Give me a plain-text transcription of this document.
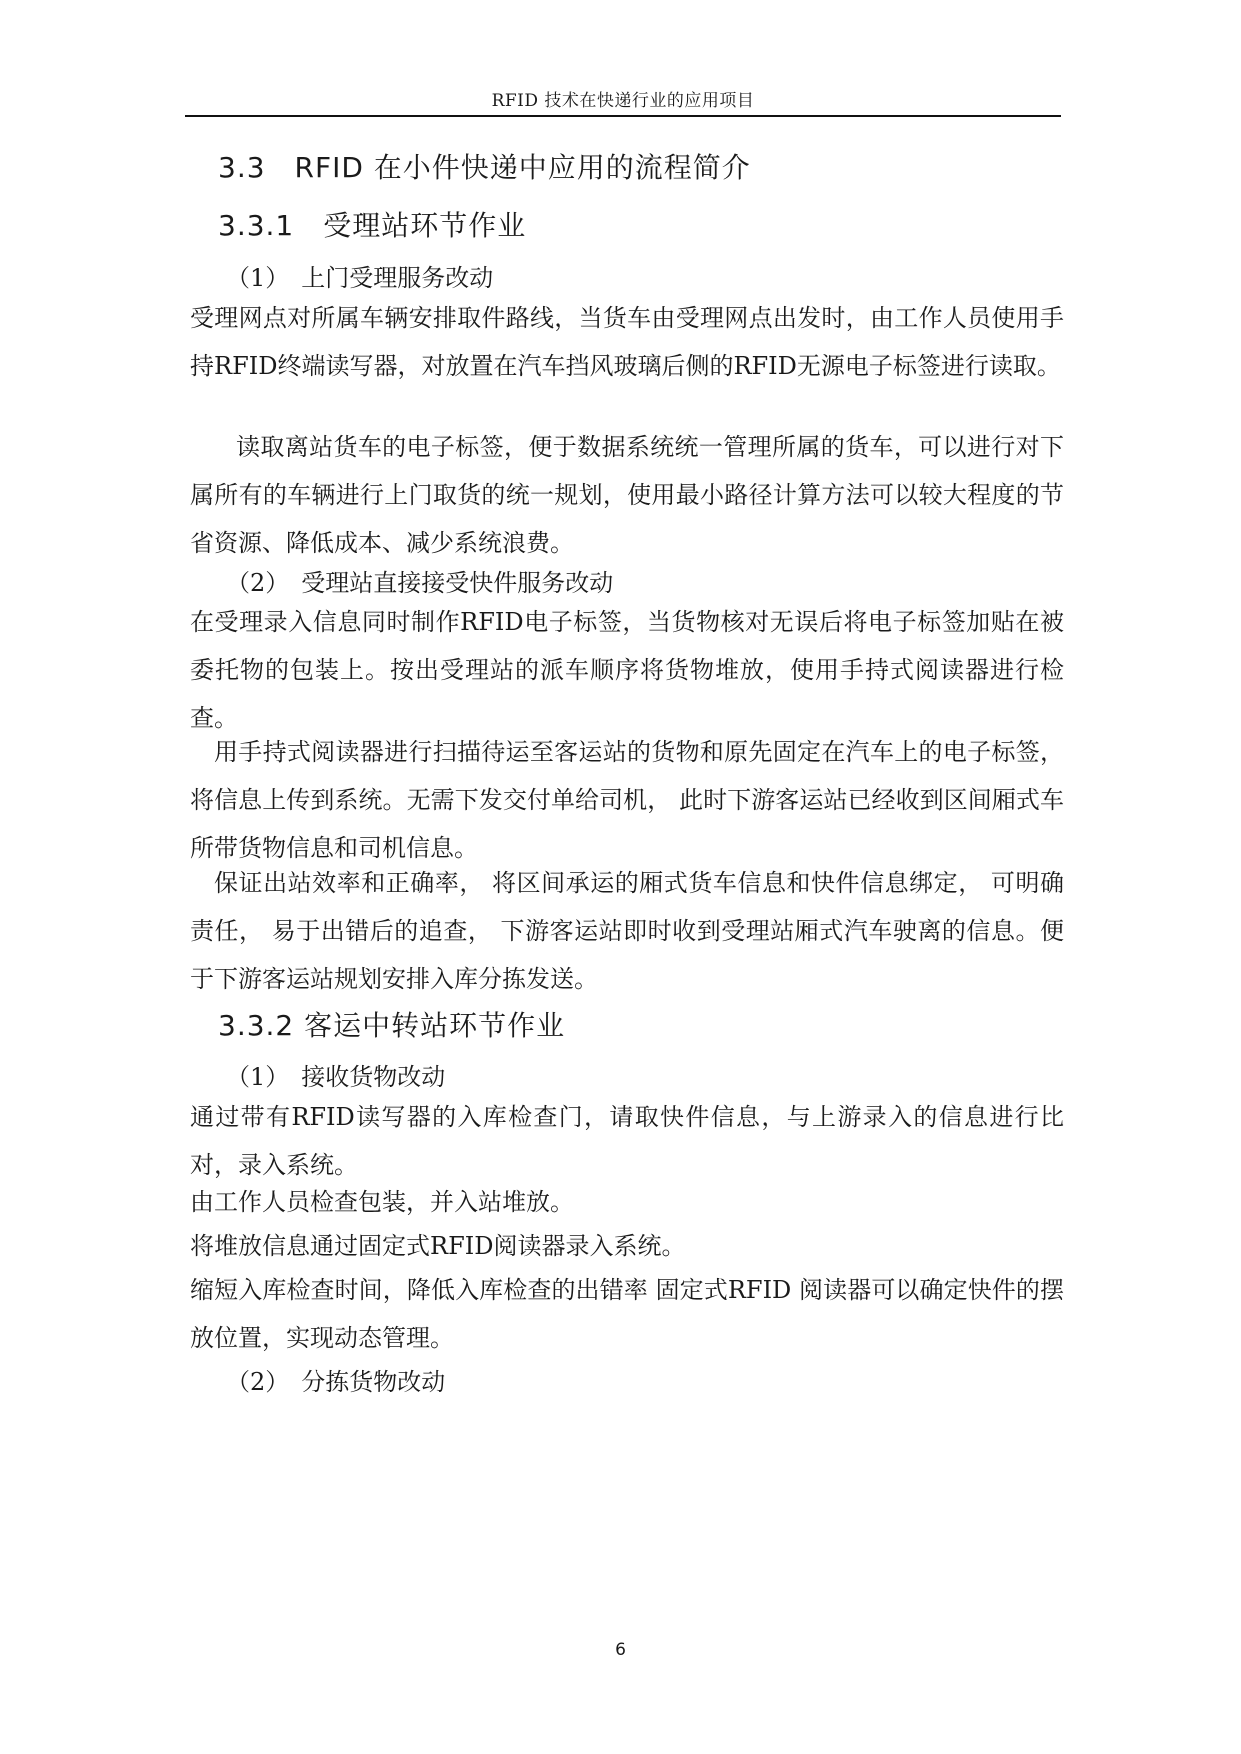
RFID 技术在快递行业的应用项目
3.3　RFID 在小件快递中应用的流程简介
3.3.1　受理站环节作业
（1）　上门受理服务改动
受理网点对所属车辆安排取件路线，当货车由受理网点出发时，由工作人员使用手持RFID终端读写器，对放置在汽车挡风玻璃后侧的RFID无源电子标签进行读取。
读取离站货车的电子标签，便于数据系统统一管理所属的货车，可以进行对下属所有的车辆进行上门取货的统一规划，使用最小路径计算方法可以较大程度的节省资源、降低成本、减少系统浪费。
（2）　受理站直接接受快件服务改动
在受理录入信息同时制作RFID电子标签，当货物核对无误后将电子标签加贴在被委托物的包装上。按出受理站的派车顺序将货物堆放，使用手持式阅读器进行检查。
用手持式阅读器进行扫描待运至客运站的货物和原先固定在汽车上的电子标签， 将信息上传到系统。无需下发交付单给司机， 此时下游客运站已经收到区间厢式车所带货物信息和司机信息。
保证出站效率和正确率， 将区间承运的厢式货车信息和快件信息绑定， 可明确责任， 易于出错后的追查， 下游客运站即时收到受理站厢式汽车驶离的信息。便于下游客运站规划安排入库分拣发送。
3.3.2 客运中转站环节作业
（1）　接收货物改动
通过带有RFID读写器的入库检查门，请取快件信息，与上游录入的信息进行比对，录入系统。
由工作人员检查包装，并入站堆放。
将堆放信息通过固定式RFID阅读器录入系统。
缩短入库检查时间，降低入库检查的出错率 固定式RFID 阅读器可以确定快件的摆放位置，实现动态管理。
（2）　分拣货物改动
6
